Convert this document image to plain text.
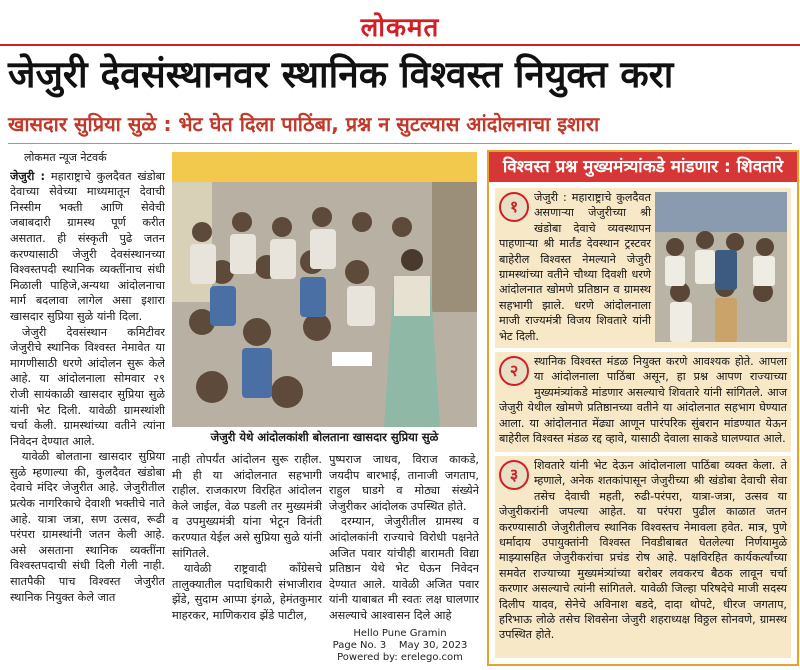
लोकमत
जेजुरी देवसंस्थानवर स्थानिक विश्वस्त नियुक्त करा
खासदार सुप्रिया सुळे : भेट घेत दिला पाठिंबा, प्रश्न न सुटल्यास आंदोलनाचा इशारा
लोकमत न्यूज नेटवर्क

जेजुरी : महाराष्ट्राचे कुलदैवत खंडोबा देवाच्या सेवेच्या माध्यमातून देवाची निस्सीम भक्ती आणि सेवेची जबाबदारी ग्रामस्थ पूर्ण करीत असतात. ही संस्कृती पुढे जतन करण्यासाठी जेजुरी देवसंस्थानच्या विश्वस्तपदी स्थानिक व्यक्तींनाच संधी मिळाली पाहिजे,अन्यथा आंदोलनाचा मार्ग बदलावा लागेल असा इशारा खासदार सुप्रिया सुळे यांनी दिला.

जेजुरी देवसंस्थान कमिटीवर जेजुरीचे स्थानिक विश्वस्त नेमावेत या मागणीसाठी धरणे आंदोलन सुरू केले आहे. या आंदोलनाला सोमवार २९ रोजी सायंकाळी खासदार सुप्रिया सुळे यांनी भेट दिली. यावेळी ग्रामस्थांशी चर्चा केली. ग्रामस्थांच्या वतीने त्यांना निवेदन देण्यात आले.

यावेळी बोलताना खासदार सुप्रिया सुळे म्हणाल्या की, कुलदैवत खंडोबा देवाचे मंदिर जेजुरीत आहे. जेजुरीतील प्रत्येक नागरिकाचे देवाशी भक्तीचे नाते आहे. यात्रा जत्रा, सण उत्सव, रूढी परंपरा ग्रामस्थांनी जतन केली आहे. असे असताना स्थानिक व्यक्तींना विश्वस्तपदाची संधी दिली गेली नाही. सातपैकी पाच विश्वस्त जेजुरीत स्थानिक नियुक्त केले जात

जेजुरी येथे आंदोलकांशी बोलताना खासदार सुप्रिया सुळे

नाही तोपर्यंत आंदोलन सुरू राहील. मी ही या आंदोलनात सहभागी राहील. राजकारण विरहित आंदोलन केले जाईल, वेळ पडली तर मुख्यमंत्री व उपमुख्यमंत्री यांना भेटून विनंती करण्यात येईल असे सुप्रिया सुळे यांनी सांगितले.

यावेळी राष्ट्रवादी काँग्रेसचे तालुक्यातील पदाधिकारी संभाजीराव झेंडे, सुदाम आप्पा इंगळे, हेमंतकुमार माहरकर, माणिकराव झेंडे पाटील,

पुष्पराज जाधव, विराज काकडे, जयदीप बारभाई, तानाजी जगताप, राहुल घाडगे व मोठ्या संख्येने जेजुरीकर आंदोलक उपस्थित होते.

दरम्यान, जेजुरीतील ग्रामस्थ व आंदोलकांनी राज्याचे विरोधी पक्षनेते अजित पवार यांचीही बारामती विद्या प्रतिष्ठान येथे भेट घेऊन निवेदन देण्यात आले. यावेळी अजित पवार यांनी याबाबत मी स्वतः लक्ष घालणार असल्याचे आश्वासन दिले आहे

विश्वस्त प्रश्न मुख्यमंत्र्यांकडे मांडणार : शिवतारे
१	जेजुरी : महाराष्ट्राचे कुलदैवत असणाऱ्या जेजुरीच्या श्री खंडोबा देवाचे व्यवस्थापन पाहणाऱ्या श्री मार्तंड देवस्थान ट्रस्टवर बाहेरील विश्वस्त नेमल्याने जेजुरी ग्रामस्थांच्या वतीने चौथ्या दिवशी धरणे आंदोलनात खोमणे प्रतिष्ठान व ग्रामस्थ सहभागी झाले. धरणे आंदोलनाला माजी राज्यमंत्री विजय शिवतारे यांनी भेट दिली.
२	स्थानिक विश्वस्त मंडळ नियुक्त करणे आवश्यक होते. आपला या आंदोलनाला पाठिंबा असून, हा प्रश्न आपण राज्याच्या मुख्यमंत्र्यांकडे मांडणार असल्याचे शिवतारे यांनी सांगितले. आज जेजुरी येथील खोमणे प्रतिष्ठानच्या वतीने या आंदोलनात सहभाग घेण्यात आला. या आंदोलनात मेंढ्या आणून पारंपरिक सुंबरान मांडण्यात येऊन बाहेरील विश्वस्त मंडळ रद्द व्हावे, यासाठी देवाला साकडे घालण्यात आले.
३	शिवतारे यांनी भेट देऊन आंदोलनाला पाठिंबा व्यक्त केला. ते म्हणाले, अनेक शतकांपासून जेजुरीच्या श्री खंडोबा देवाची सेवा तसेच देवाची महती, रुढी-परंपरा, यात्रा-जत्रा, उत्सव या जेजुरीकरांनी जपल्या आहेत. या परंपरा पुढील काळात जतन करण्यासाठी जेजुरीतीलच स्थानिक विश्वस्तच नेमावला हवेत. मात्र, पुणे धर्मादाय उपायुक्तांनी विश्वस्त निवडीबाबत घेतलेल्या निर्णयामुळे माझ्यासहित जेजुरीकरांचा प्रचंड रोष आहे. पक्षविरहित कार्यकर्त्यांच्या समवेत राज्याच्या मुख्यमंत्र्यांच्या बरोबर लवकरच बैठक लावून चर्चा करणार असल्याचे त्यांनी सांगितले. यावेळी जिल्हा परिषदेचे माजी सदस्य दिलीप यादव, सेनेचे अविनाश बडदे, दादा थोपटे, धीरज जगताप, हरिभाऊ लोळे तसेच शिवसेना जेजुरी शहराध्यक्ष विठ्ठल सोनवणे, ग्रामस्थ उपस्थित होते.
Hello Pune Gramin
Page No. 3    May 30, 2023
Powered by: erelego.com
